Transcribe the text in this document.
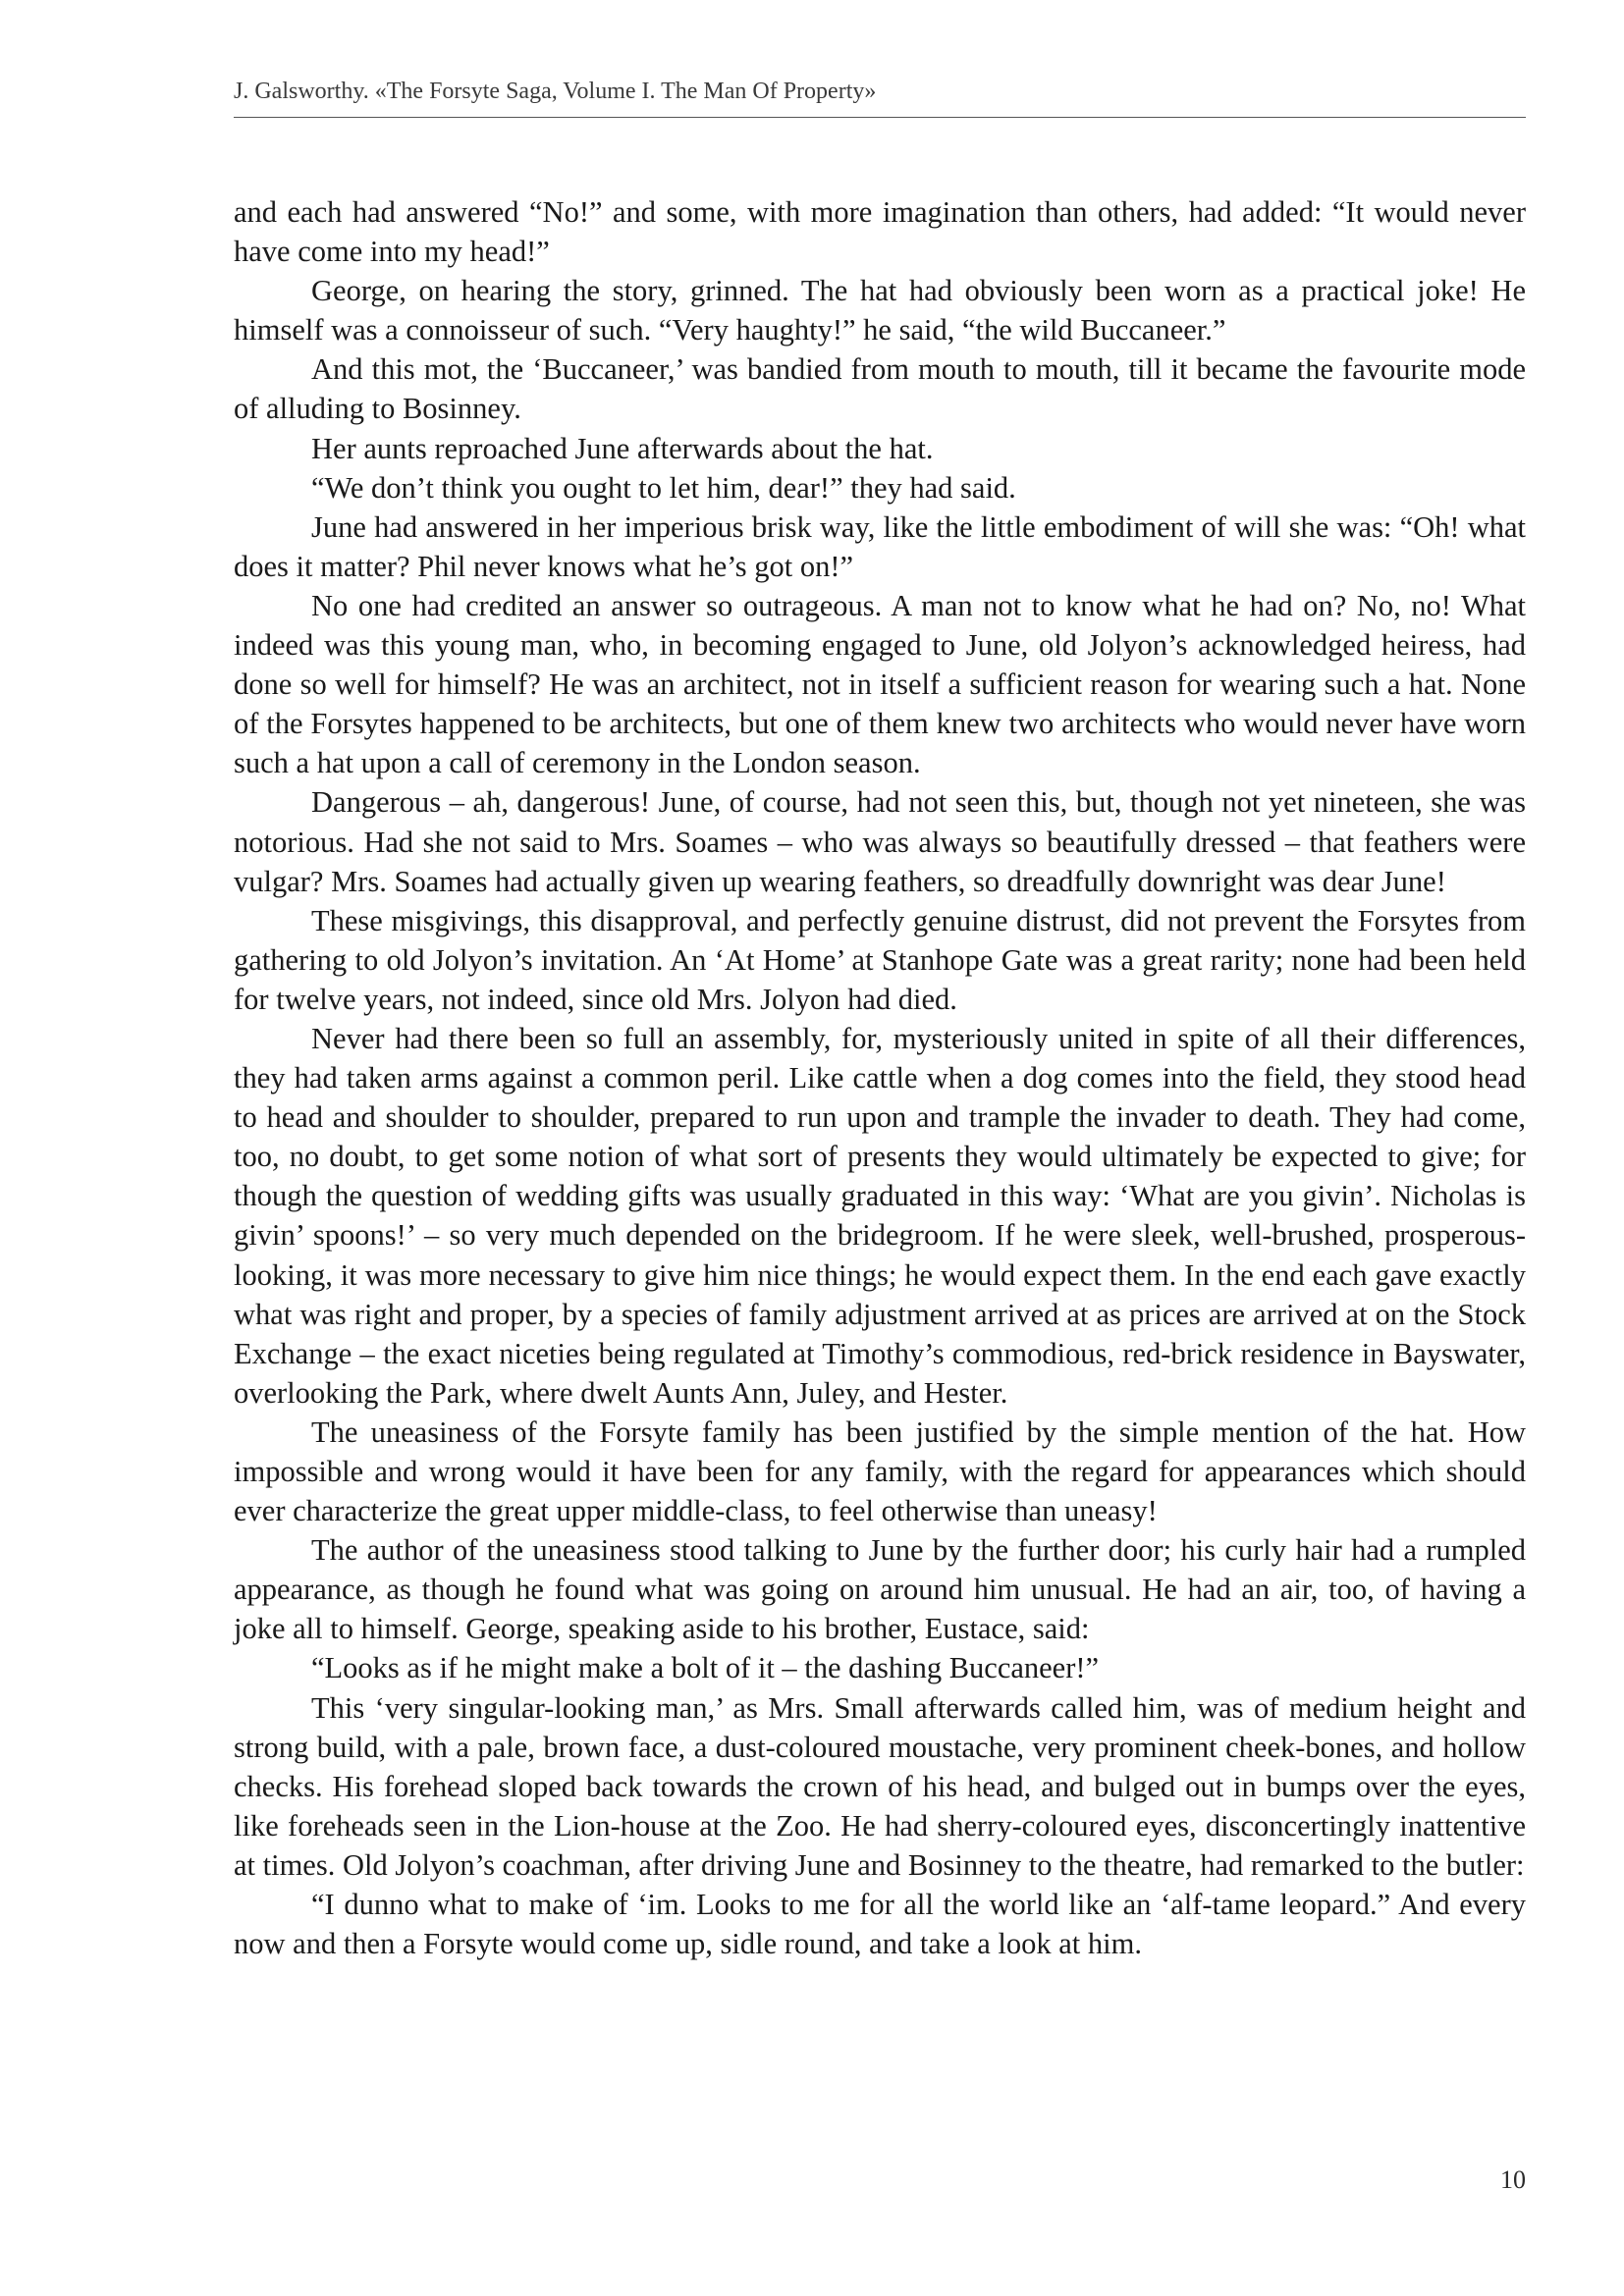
J. Galsworthy. «The Forsyte Saga, Volume I. The Man Of Property»

and each had answered “No!” and some, with more imagination than others, had added: “It would never have come into my head!”

George, on hearing the story, grinned. The hat had obviously been worn as a practical joke! He himself was a connoisseur of such. “Very haughty!” he said, “the wild Buccaneer.”

And this mot, the ‘Buccaneer,’ was bandied from mouth to mouth, till it became the favourite mode of alluding to Bosinney.

Her aunts reproached June afterwards about the hat.

“We don’t think you ought to let him, dear!” they had said.

June had answered in her imperious brisk way, like the little embodiment of will she was: “Oh! what does it matter? Phil never knows what he’s got on!”

No one had credited an answer so outrageous. A man not to know what he had on? No, no! What indeed was this young man, who, in becoming engaged to June, old Jolyon’s acknowledged heiress, had done so well for himself? He was an architect, not in itself a sufficient reason for wearing such a hat. None of the Forsytes happened to be architects, but one of them knew two architects who would never have worn such a hat upon a call of ceremony in the London season.

Dangerous – ah, dangerous! June, of course, had not seen this, but, though not yet nineteen, she was notorious. Had she not said to Mrs. Soames – who was always so beautifully dressed – that feathers were vulgar? Mrs. Soames had actually given up wearing feathers, so dreadfully downright was dear June!

These misgivings, this disapproval, and perfectly genuine distrust, did not prevent the Forsytes from gathering to old Jolyon’s invitation. An ‘At Home’ at Stanhope Gate was a great rarity; none had been held for twelve years, not indeed, since old Mrs. Jolyon had died.

Never had there been so full an assembly, for, mysteriously united in spite of all their differences, they had taken arms against a common peril. Like cattle when a dog comes into the field, they stood head to head and shoulder to shoulder, prepared to run upon and trample the invader to death. They had come, too, no doubt, to get some notion of what sort of presents they would ultimately be expected to give; for though the question of wedding gifts was usually graduated in this way: ‘What are you givin’. Nicholas is givin’ spoons!’ – so very much depended on the bridegroom. If he were sleek, well-brushed, prosperous-looking, it was more necessary to give him nice things; he would expect them. In the end each gave exactly what was right and proper, by a species of family adjustment arrived at as prices are arrived at on the Stock Exchange – the exact niceties being regulated at Timothy’s commodious, red-brick residence in Bayswater, overlooking the Park, where dwelt Aunts Ann, Juley, and Hester.

The uneasiness of the Forsyte family has been justified by the simple mention of the hat. How impossible and wrong would it have been for any family, with the regard for appearances which should ever characterize the great upper middle-class, to feel otherwise than uneasy!

The author of the uneasiness stood talking to June by the further door; his curly hair had a rumpled appearance, as though he found what was going on around him unusual. He had an air, too, of having a joke all to himself. George, speaking aside to his brother, Eustace, said:

“Looks as if he might make a bolt of it – the dashing Buccaneer!”

This ‘very singular-looking man,’ as Mrs. Small afterwards called him, was of medium height and strong build, with a pale, brown face, a dust-coloured moustache, very prominent cheek-bones, and hollow checks. His forehead sloped back towards the crown of his head, and bulged out in bumps over the eyes, like foreheads seen in the Lion-house at the Zoo. He had sherry-coloured eyes, disconcertingly inattentive at times. Old Jolyon’s coachman, after driving June and Bosinney to the theatre, had remarked to the butler:

“I dunno what to make of ‘im. Looks to me for all the world like an ‘alf-tame leopard.” And every now and then a Forsyte would come up, sidle round, and take a look at him.

10
